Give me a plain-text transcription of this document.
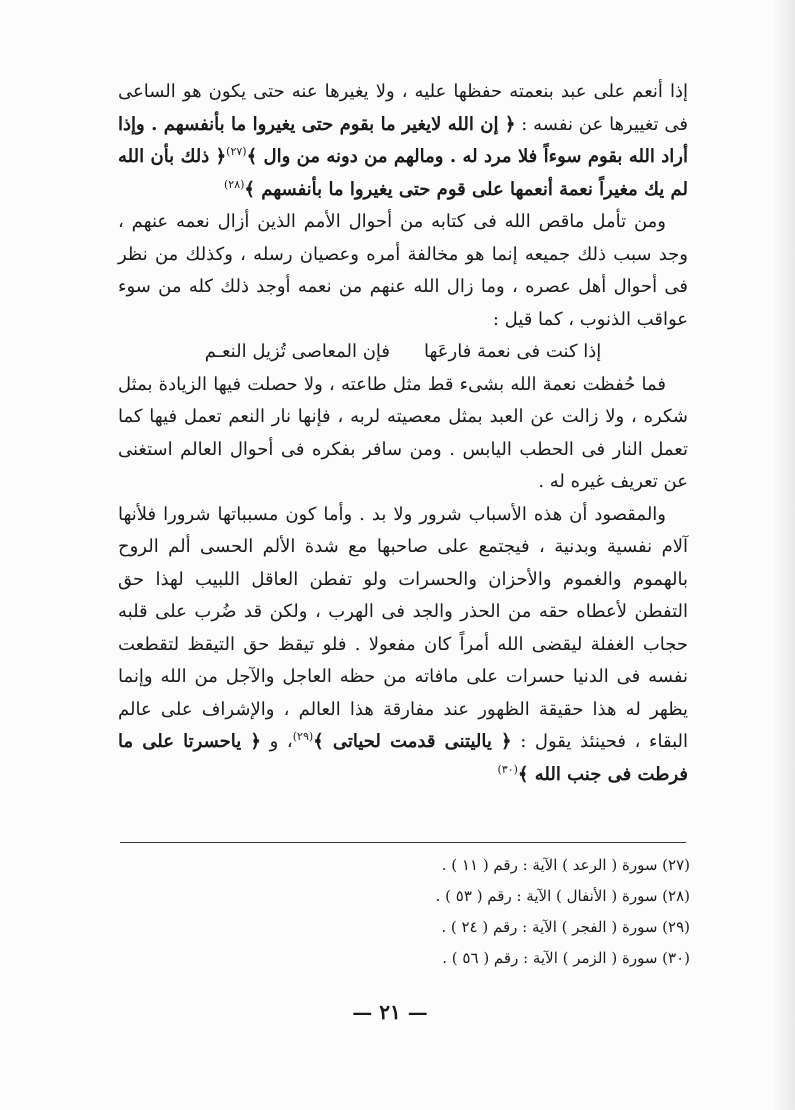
إذا أنعم على عبد بنعمته حفظها عليه ، ولا يغيرها عنه حتى يكون هو الساعى فى تغييرها عن نفسه : ﴿ إن الله لايغير ما بقوم حتى يغيروا ما بأنفسهم . وإذا أراد الله بقوم سوءاً فلا مرد له . ومالهم من دونه من وال ﴾$^{(٢٧)}$﴿ ذلك بأن الله لم يك مغيراً نعمة أنعمها على قوم حتى يغيروا ما بأنفسهم ﴾$^{(٢٨)}$

ومن تأمل ماقص الله فى كتابه من أحوال الأمم الذين أزال نعمه عنهم ، وجد سبب ذلك جميعه إنما هو مخالفة أمره وعصيان رسله ، وكذلك من نظر فى أحوال أهل عصره ، وما زال الله عنهم من نعمه أوجد ذلك كله من سوء عواقب الذنوب ، كما قيل :

إذا كنت فى نعمة فارعَها
فإن المعاصى تُزيل النعـم

فما حُفظت نعمة الله بشىء قط مثل طاعته ، ولا حصلت فيها الزيادة بمثل شكره ، ولا زالت عن العبد بمثل معصيته لربه ، فإنها نار النعم تعمل فيها كما تعمل النار فى الحطب اليابس . ومن سافر بفكره فى أحوال العالم استغنى عن تعريف غيره له .

والمقصود أن هذه الأسباب شرور ولا بد . وأما كون مسبباتها شرورا فلأنها آلام نفسية وبدنية ، فيجتمع على صاحبها مع شدة الألم الحسى ألم الروح بالهموم والغموم والأحزان والحسرات ولو تفطن العاقل اللبيب لهذا حق التفطن لأعطاه حقه من الحذر والجد فى الهرب ، ولكن قد ضُرب على قلبه حجاب الغفلة ليقضى الله أمراً كان مفعولا . فلو تيقظ حق التيقظ لتقطعت نفسه فى الدنيا حسرات على مافاته من حظه العاجل والآجل من الله وإنما يظهر له هذا حقيقة الظهور عند مفارقة هذا العالم ، والإشراف على عالم البقاء ، فحينئذ يقول : ﴿ ياليتنى قدمت لحياتى ﴾$^{(٢٩)}$، و ﴿ ياحسرتا على ما فرطت فى جنب الله ﴾$^{(٣٠)}$

(٢٧) سورة ( الرعد ) الآية : رقم ( ١١ ) .
(٢٨) سورة ( الأنفال ) الآية : رقم ( ٥٣ ) .
(٢٩) سورة ( الفجر ) الآية : رقم ( ٢٤ ) .
(٣٠) سورة ( الزمر ) الآية : رقم ( ٥٦ ) .
— ٢١ —
